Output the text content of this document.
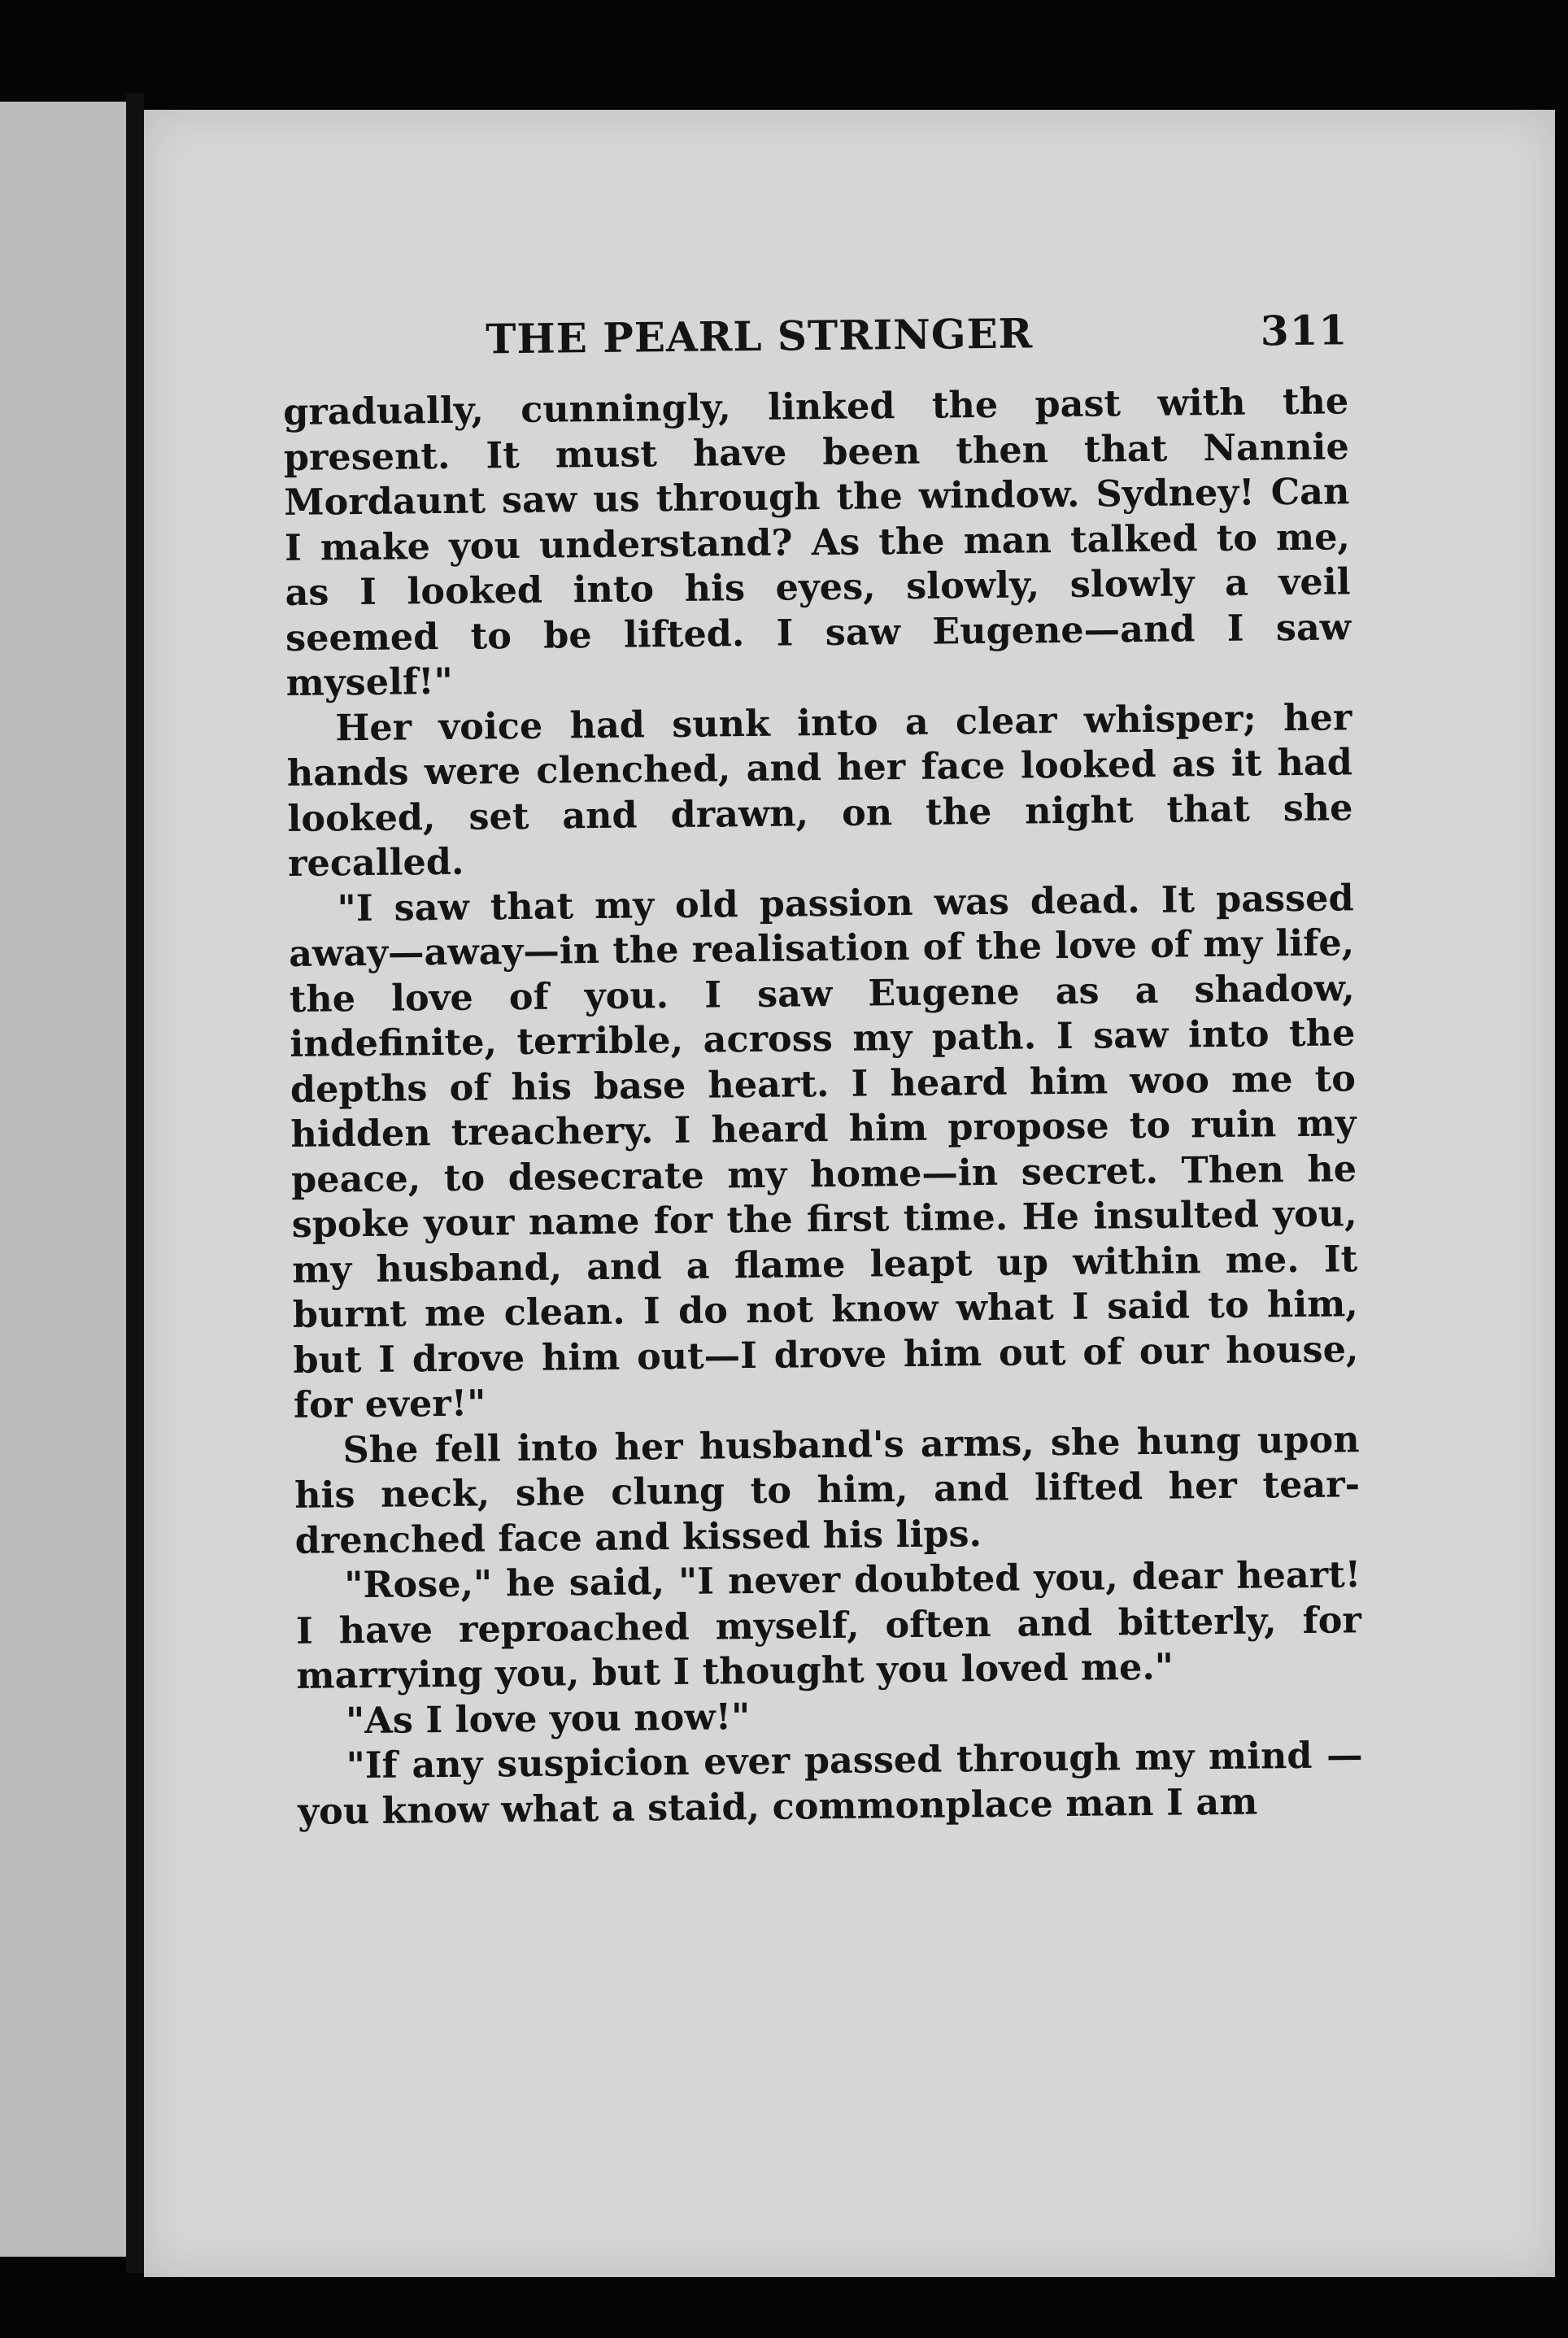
THE PEARL STRINGER	311

gradually, cunningly, linked the past with the present. It must have been then that Nannie Mordaunt saw us through the window. Sydney! Can I make you understand? As the man talked to me, as I looked into his eyes, slowly, slowly a veil seemed to be lifted. I saw Eugene—and I saw myself!"

Her voice had sunk into a clear whisper; her hands were clenched, and her face looked as it had looked, set and drawn, on the night that she recalled.

"I saw that my old passion was dead. It passed away—away—in the realisation of the love of my life, the love of you. I saw Eugene as a shadow, indefinite, terrible, across my path. I saw into the depths of his base heart. I heard him woo me to hidden treachery. I heard him propose to ruin my peace, to desecrate my home—in secret. Then he spoke your name for the first time. He insulted you, my husband, and a flame leapt up within me. It burnt me clean. I do not know what I said to him, but I drove him out—I drove him out of our house, for ever!"

She fell into her husband's arms, she hung upon his neck, she clung to him, and lifted her tear-drenched face and kissed his lips.

"Rose," he said, "I never doubted you, dear heart! I have reproached myself, often and bitterly, for marrying you, but I thought you loved me."

"As I love you now!"

"If any suspicion ever passed through my mind —you know what a staid, commonplace man I am
